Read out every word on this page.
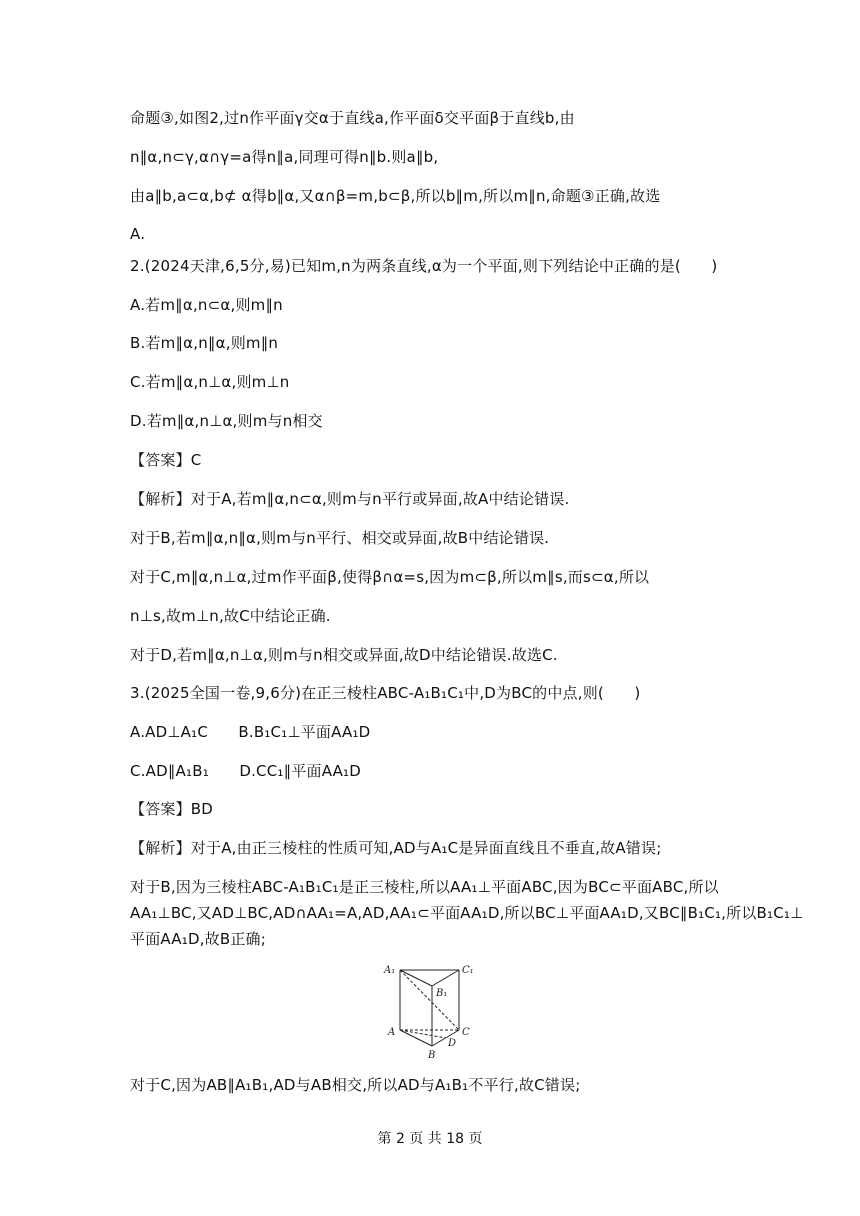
命题③,如图2,过n作平面γ交α于直线a,作平面δ交平面β于直线b,由
n∥α,n⊂γ,α∩γ=a得n∥a,同理可得n∥b.则a∥b,
由a∥b,a⊂α,b⊄ α得b∥α,又α∩β=m,b⊂β,所以b∥m,所以m∥n,命题③正确,故选
A.
2.(2024天津,6,5分,易)已知m,n为两条直线,α为一个平面,则下列结论中正确的是(　　)
A.若m∥α,n⊂α,则m∥n
B.若m∥α,n∥α,则m∥n
C.若m∥α,n⊥α,则m⊥n
D.若m∥α,n⊥α,则m与n相交
【答案】C
【解析】对于A,若m∥α,n⊂α,则m与n平行或异面,故A中结论错误.
对于B,若m∥α,n∥α,则m与n平行、相交或异面,故B中结论错误.
对于C,m∥α,n⊥α,过m作平面β,使得β∩α=s,因为m⊂β,所以m∥s,而s⊂α,所以
n⊥s,故m⊥n,故C中结论正确.
对于D,若m∥α,n⊥α,则m与n相交或异面,故D中结论错误.故选C.
3.(2025全国一卷,9,6分)在正三棱柱ABC-A₁B₁C₁中,D为BC的中点,则(　　)
A.AD⊥A₁C　　B.B₁C₁⊥平面AA₁D
C.AD∥A₁B₁　　D.CC₁∥平面AA₁D
【答案】BD
【解析】对于A,由正三棱柱的性质可知,AD与A₁C是异面直线且不垂直,故A错误;
对于B,因为三棱柱ABC-A₁B₁C₁是正三棱柱,所以AA₁⊥平面ABC,因为BC⊂平面ABC,所以
AA₁⊥BC,又AD⊥BC,AD∩AA₁=A,AD,AA₁⊂平面AA₁D,所以BC⊥平面AA₁D,又BC∥B₁C₁,所以B₁C₁⊥
平面AA₁D,故B正确;
A₁	C₁
B₁
A	C
D
B
对于C,因为AB∥A₁B₁,AD与AB相交,所以AD与A₁B₁不平行,故C错误;
第 2 页 共 18 页
